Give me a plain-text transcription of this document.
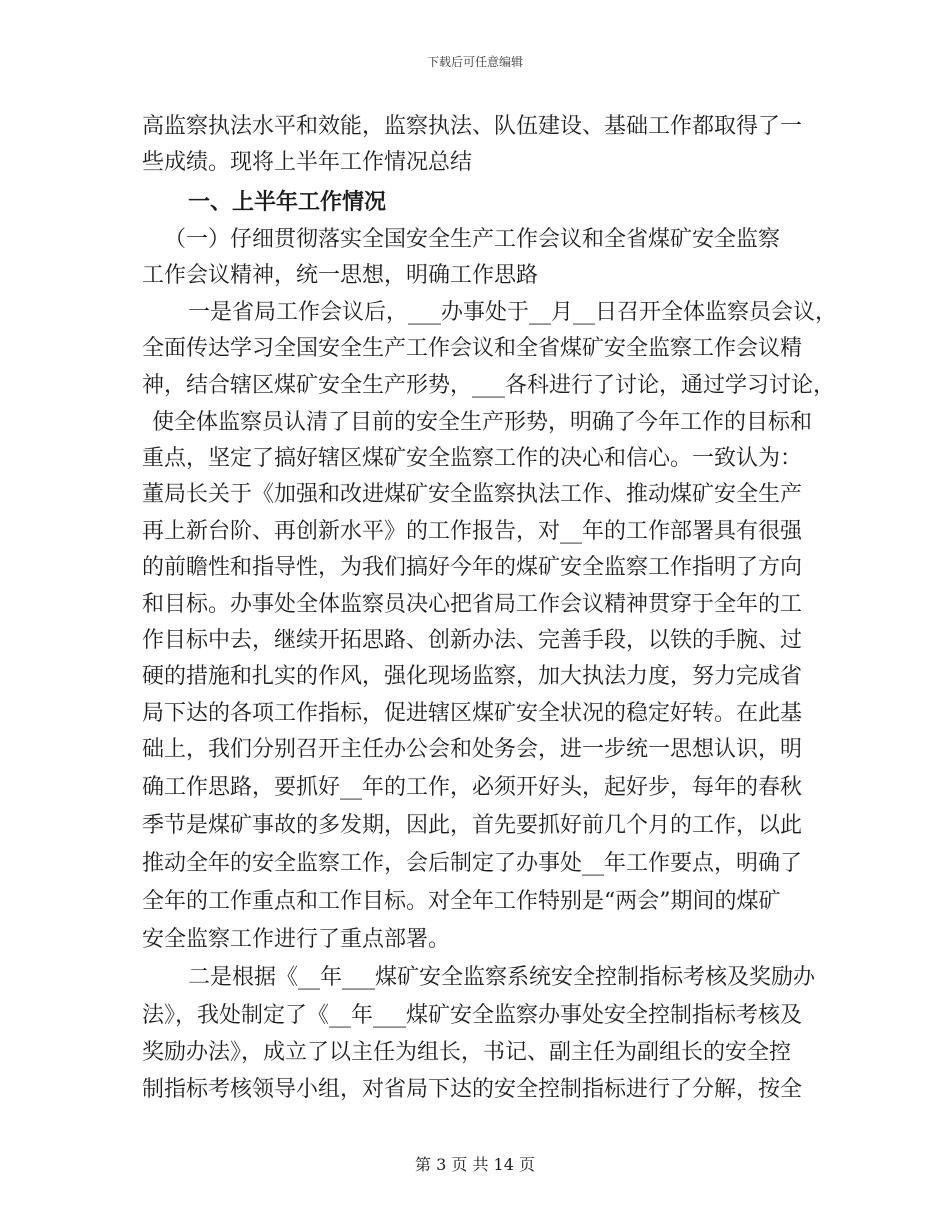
下载后可任意编辑
高监察执法水平和效能，监察执法、队伍建设、基础工作都取得了一
些成绩。现将上半年工作情况总结
一、上半年工作情况
（一）仔细贯彻落实全国安全生产工作会议和全省煤矿安全监察
工作会议精神，统一思想，明确工作思路
一是省局工作会议后，___办事处于__月__日召开全体监察员会议，
全面传达学习全国安全生产工作会议和全省煤矿安全监察工作会议精
神，结合辖区煤矿安全生产形势，___各科进行了讨论，通过学习讨论，
使全体监察员认清了目前的安全生产形势，明确了今年工作的目标和
重点，坚定了搞好辖区煤矿安全监察工作的决心和信心。一致认为：
董局长关于《加强和改进煤矿安全监察执法工作、推动煤矿安全生产
再上新台阶、再创新水平》的工作报告，对__年的工作部署具有很强
的前瞻性和指导性，为我们搞好今年的煤矿安全监察工作指明了方向
和目标。办事处全体监察员决心把省局工作会议精神贯穿于全年的工
作目标中去，继续开拓思路、创新办法、完善手段，以铁的手腕、过
硬的措施和扎实的作风，强化现场监察，加大执法力度，努力完成省
局下达的各项工作指标，促进辖区煤矿安全状况的稳定好转。在此基
础上，我们分别召开主任办公会和处务会，进一步统一思想认识，明
确工作思路，要抓好__年的工作，必须开好头，起好步，每年的春秋
季节是煤矿事故的多发期，因此，首先要抓好前几个月的工作，以此
推动全年的安全监察工作，会后制定了办事处__年工作要点，明确了
全年的工作重点和工作目标。对全年工作特别是“两会”期间的煤矿
安全监察工作进行了重点部署。
二是根据《__年___煤矿安全监察系统安全控制指标考核及奖励办
法》，我处制定了《__年___煤矿安全监察办事处安全控制指标考核及
奖励办法》，成立了以主任为组长，书记、副主任为副组长的安全控
制指标考核领导小组，对省局下达的安全控制指标进行了分解，按全
第 3 页 共 14 页
